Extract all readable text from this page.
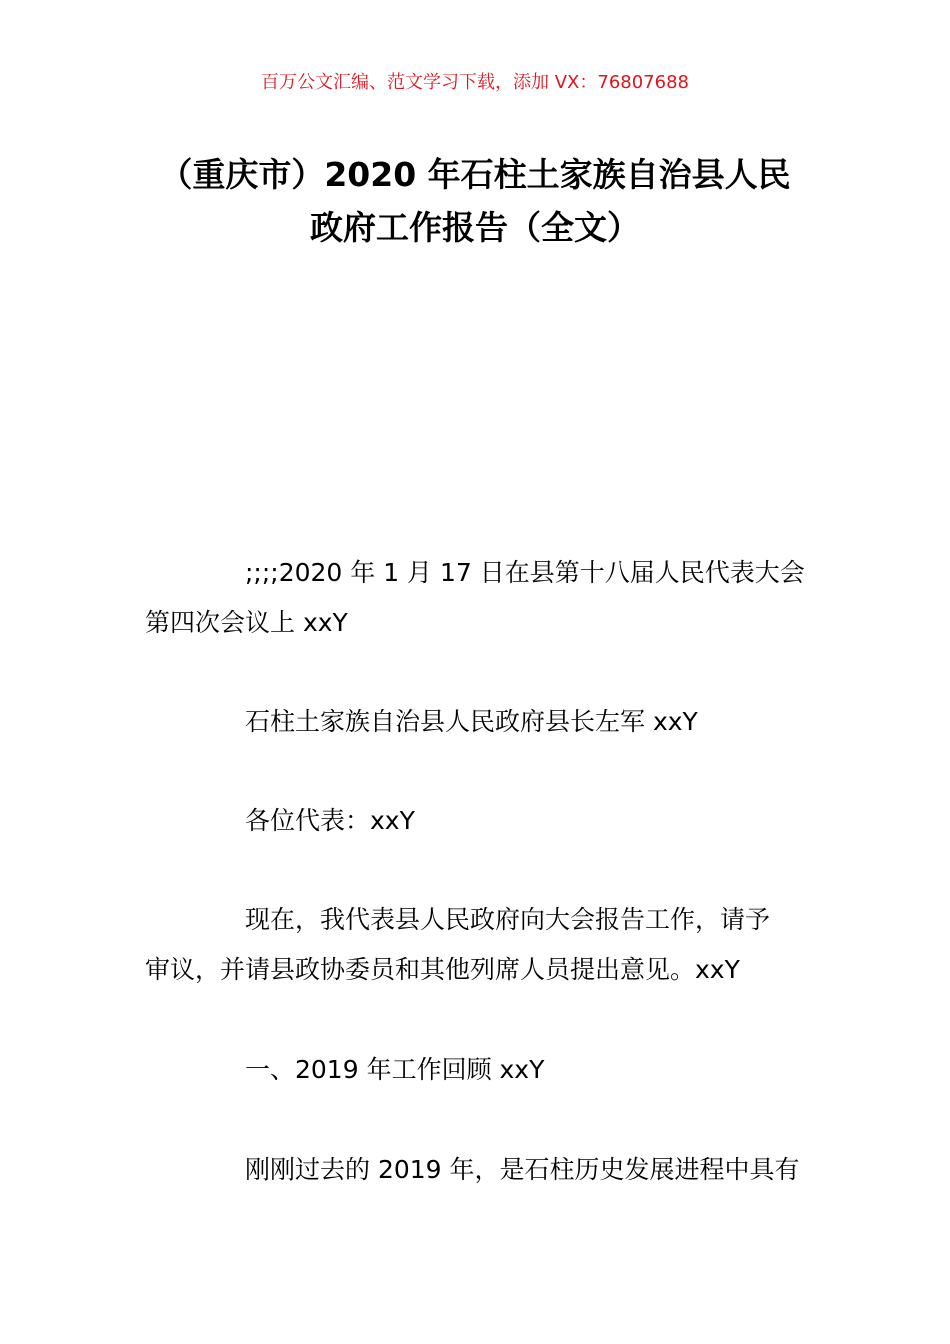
百万公文汇编、范文学习下载，添加 VX：76807688
（重庆市）2020 年石柱土家族自治县人民
政府工作报告（全文）
;;;;2020 年 1 月 17 日在县第十八届人民代表大会
第四次会议上 xxY
石柱土家族自治县人民政府县长左军 xxY
各位代表：xxY
现在，我代表县人民政府向大会报告工作，请予
审议，并请县政协委员和其他列席人员提出意见。xxY
一、2019 年工作回顾 xxY
刚刚过去的 2019 年，是石柱历史发展进程中具有
